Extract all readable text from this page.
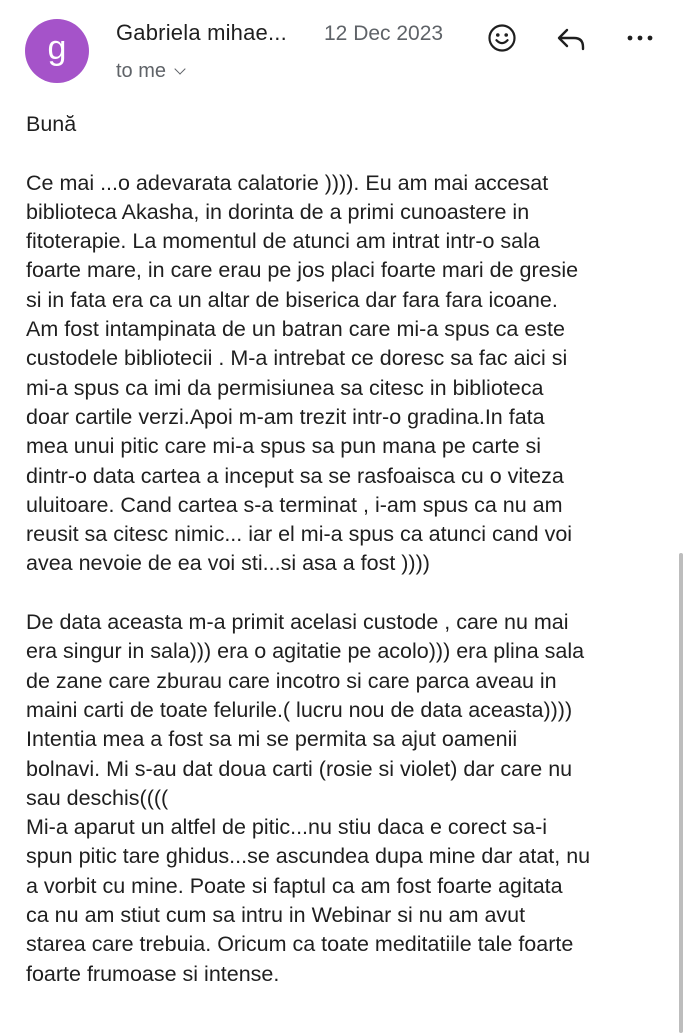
g Gabriela mihae... 12 Dec 2023
to me

Bună

Ce mai ...o adevarata calatorie )))). Eu am mai accesat

biblioteca Akasha, in dorinta de a primi cunoastere in

fitoterapie. La momentul de atunci am intrat intr-o sala

foarte mare, in care erau pe jos placi foarte mari de gresie

si in fata era ca un altar de biserica dar fara fara icoane.

Am fost intampinata de un batran care mi-a spus ca este

custodele bibliotecii . M-a intrebat ce doresc sa fac aici si

mi-a spus ca imi da permisiunea sa citesc in biblioteca

doar cartile verzi.Apoi m-am trezit intr-o gradina.In fata

mea unui pitic care mi-a spus sa pun mana pe carte si

dintr-o data cartea a inceput sa se rasfoaisca cu o viteza

uluitoare. Cand cartea s-a terminat , i-am spus ca nu am

reusit sa citesc nimic... iar el mi-a spus ca atunci cand voi

avea nevoie de ea voi sti...si asa a fost ))))

De data aceasta m-a primit acelasi custode , care nu mai

era singur in sala))) era o agitatie pe acolo))) era plina sala

de zane care zburau care incotro si care parca aveau in

maini carti de toate felurile.( lucru nou de data aceasta))))

Intentia mea a fost sa mi se permita sa ajut oamenii

bolnavi. Mi s-au dat doua carti (rosie si violet) dar care nu

sau deschis((((

Mi-a aparut un altfel de pitic...nu stiu daca e corect sa-i

spun pitic tare ghidus...se ascundea dupa mine dar atat, nu

a vorbit cu mine. Poate si faptul ca am fost foarte agitata

ca nu am stiut cum sa intru in Webinar si nu am avut

starea care trebuia. Oricum ca toate meditatiile tale foarte

foarte frumoase si intense.
